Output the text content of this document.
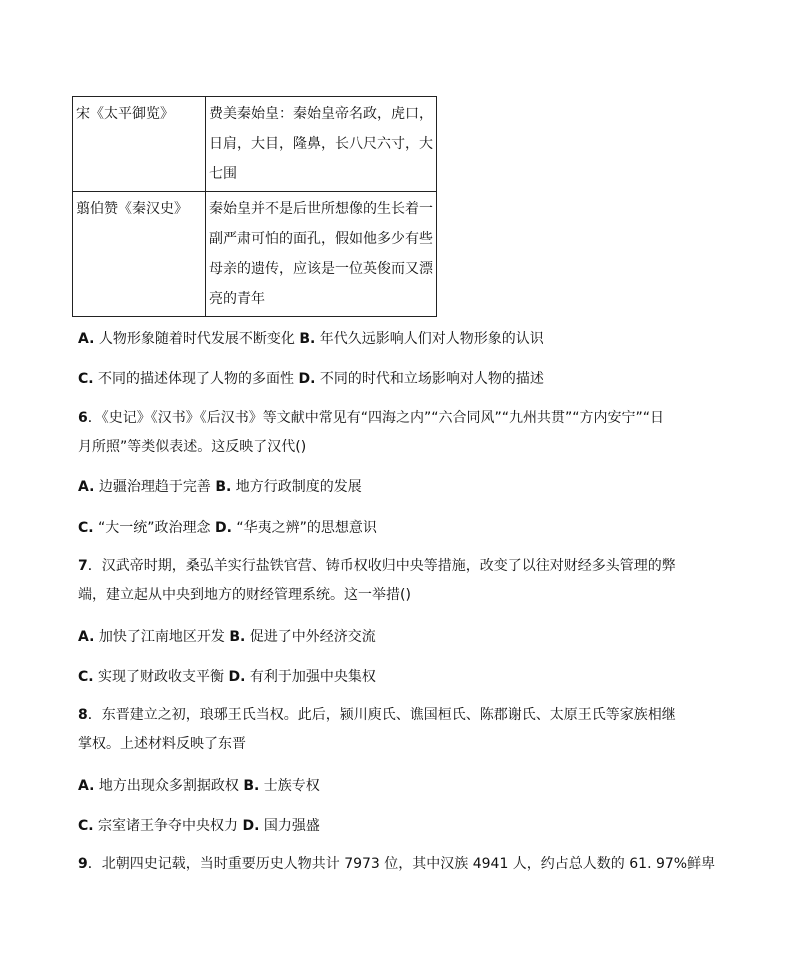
宋《太平御览》	费美秦始皇：秦始皇帝名政，虎口，日肩，大目，隆鼻，长八尺六寸，大七围
翦伯赞《秦汉史》	秦始皇并不是后世所想像的生长着一副严肃可怕的面孔，假如他多少有些母亲的遗传，应该是一位英俊而又漂亮的青年
A. 人物形象随着时代发展不断变化 B. 年代久远影响人们对人物形象的认识
C. 不同的描述体现了人物的多面性 D. 不同的时代和立场影响对人物的描述
6．《史记》《汉书》《后汉书》等文献中常见有“四海之内”“六合同风”“九州共贯”“方内安宁”“日月所照”等类似表述。这反映了汉代()
A. 边疆治理趋于完善 B. 地方行政制度的发展
C. “大一统”政治理念 D. “华夷之辨”的思想意识
7．汉武帝时期，桑弘羊实行盐铁官营、铸币权收归中央等措施，改变了以往对财经多头管理的弊端，建立起从中央到地方的财经管理系统。这一举措()
A. 加快了江南地区开发 B. 促进了中外经济交流
C. 实现了财政收支平衡 D. 有利于加强中央集权
8．东晋建立之初，琅琊王氏当权。此后，颍川庾氏、谯国桓氏、陈郡谢氏、太原王氏等家族相继掌权。上述材料反映了东晋
A. 地方出现众多割据政权 B. 士族专权
C. 宗室诸王争夺中央权力 D. 国力强盛
9．北朝四史记载，当时重要历史人物共计 7973 位，其中汉族 4941 人，约占总人数的 61. 97%鲜卑
